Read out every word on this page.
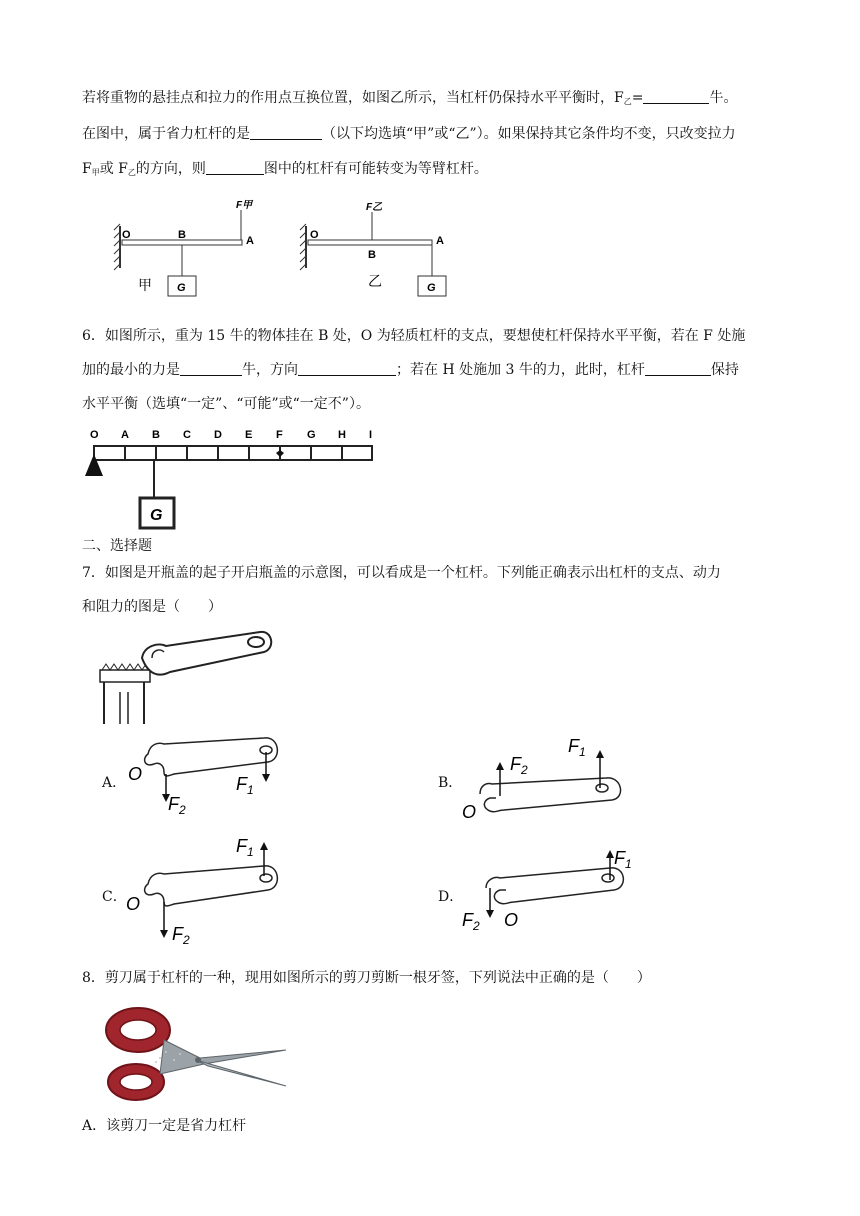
若将重物的悬挂点和拉力的作用点互换位置，如图乙所示，当杠杆仍保持水平平衡时，$F_乙=$	牛。
在图中，属于省力杠杆的是	（以下均选填“甲”或“乙”）。如果保持其它条件均不变，只改变拉力
$F_甲$或 $F_乙$的方向，则	图中的杠杆有可能转变为等臂杠杆。
O	B	A
F甲
G
甲
O
B
A
F乙
G
乙
6．如图所示，重为 15 牛的物体挂在 B 处，O 为轻质杠杆的支点，要想使杠杆保持水平平衡，若在 F 处施
加的最小的力是	牛，方向	；若在 H 处施加 3 牛的力，此时，杠杆	保持
水平平衡（选填“一定”、“可能”或“一定不”）。
O A B C D E F G H I
G
二、选择题
7．如图是开瓶盖的起子开启瓶盖的示意图，可以看成是一个杠杆。下列能正确表示出杠杆的支点、动力
和阻力的图是（　　）
A． O
$F_2$
$F_1$	B．
O
$F_2$
$F_1$
C． O
$F_2$
$F_1$
D．
O
$F_2$
$F_1$
8．剪刀属于杠杆的一种，现用如图所示的剪刀剪断一根牙签，下列说法中正确的是（　　）
A．该剪刀一定是省力杠杆
